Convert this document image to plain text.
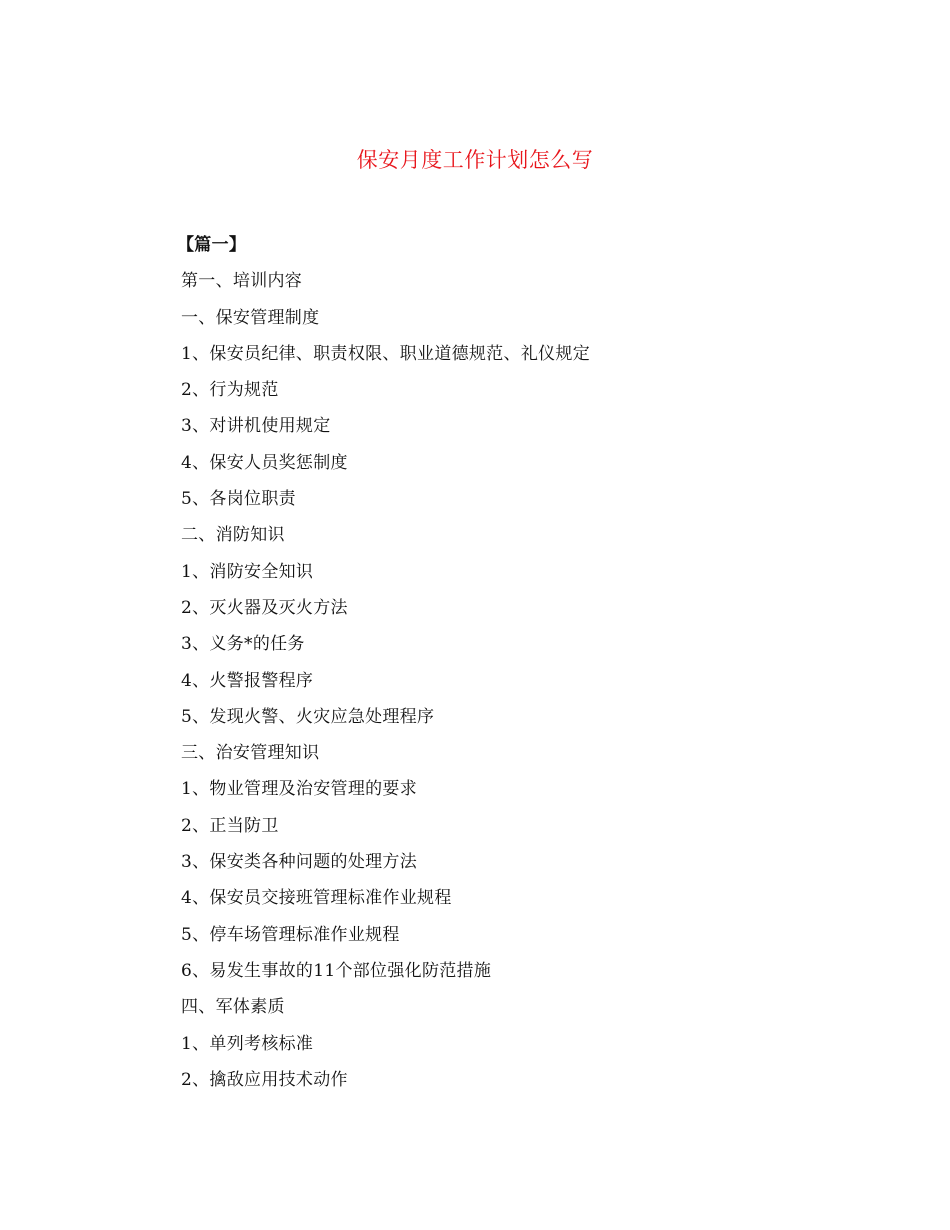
保安月度工作计划怎么写
【篇一】
第一、培训内容
一、保安管理制度
1、保安员纪律、职责权限、职业道德规范、礼仪规定
2、行为规范
3、对讲机使用规定
4、保安人员奖惩制度
5、各岗位职责
二、消防知识
1、消防安全知识
2、灭火器及灭火方法
3、义务*的任务
4、火警报警程序
5、发现火警、火灾应急处理程序
三、治安管理知识
1、物业管理及治安管理的要求
2、正当防卫
3、保安类各种问题的处理方法
4、保安员交接班管理标准作业规程
5、停车场管理标准作业规程
6、易发生事故的11个部位强化防范措施
四、军体素质
1、单列考核标准
2、擒敌应用技术动作
